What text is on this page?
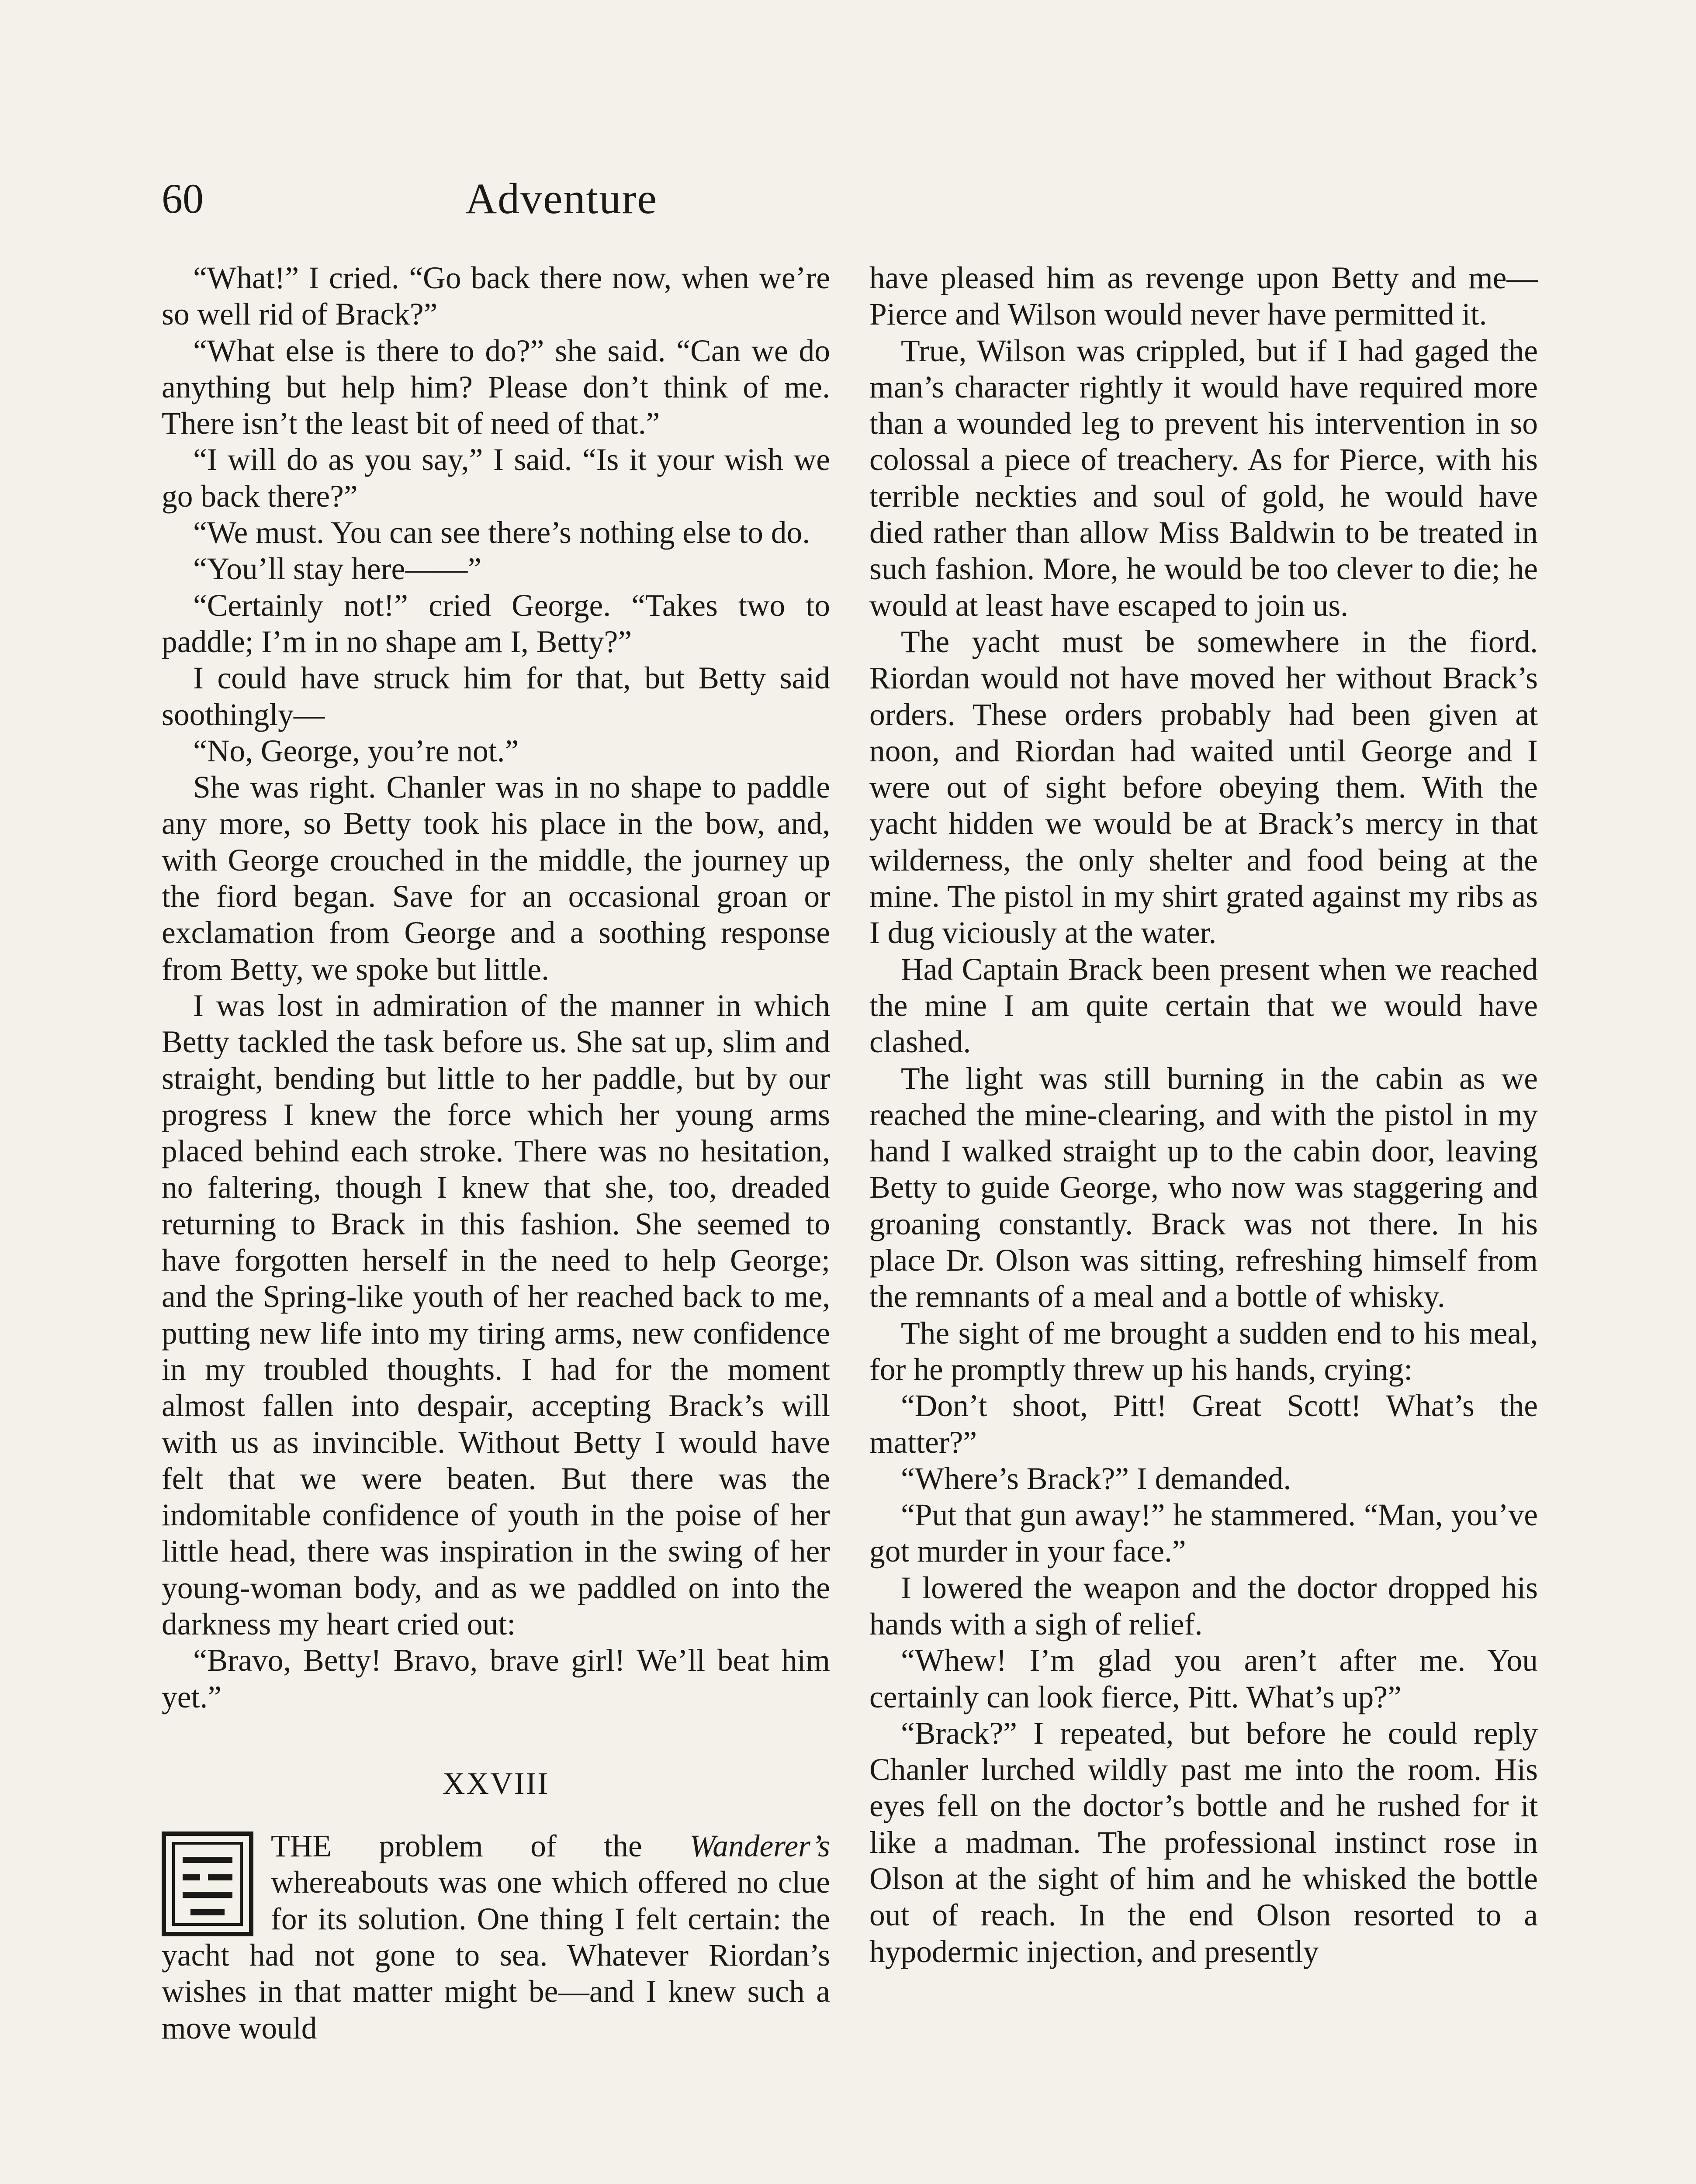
60	Adventure

“What!” I cried. “Go back there now, when we’re so well rid of Brack?”

“What else is there to do?” she said. “Can we do anything but help him? Please don’t think of me. There isn’t the least bit of need of that.”

“I will do as you say,” I said. “Is it your wish we go back there?”

“We must. You can see there’s nothing else to do.

“You’ll stay here——”

“Certainly not!” cried George. “Takes two to paddle; I’m in no shape am I, Betty?”

I could have struck him for that, but Betty said soothingly—

“No, George, you’re not.”

She was right. Chanler was in no shape to paddle any more, so Betty took his place in the bow, and, with George crouched in the middle, the journey up the fiord began. Save for an occasional groan or exclamation from George and a soothing response from Betty, we spoke but little.

I was lost in admiration of the manner in which Betty tackled the task before us. She sat up, slim and straight, bending but little to her paddle, but by our progress I knew the force which her young arms placed behind each stroke. There was no hesitation, no faltering, though I knew that she, too, dreaded returning to Brack in this fashion. She seemed to have forgotten herself in the need to help George; and the Spring-like youth of her reached back to me, putting new life into my tiring arms, new confidence in my troubled thoughts. I had for the moment almost fallen into despair, accepting Brack’s will with us as invincible. Without Betty I would have felt that we were beaten. But there was the indomitable confidence of youth in the poise of her little head, there was inspiration in the swing of her young-woman body, and as we paddled on into the darkness my heart cried out:

“Bravo, Betty! Bravo, brave girl! We’ll beat him yet.”

XXVIII

THE problem of the Wanderer’s whereabouts was one which offered no clue for its solution. One thing I felt certain: the yacht had not gone to sea. Whatever Riordan’s wishes in that matter might be—and I knew such a move would

have pleased him as revenge upon Betty and me—Pierce and Wilson would never have permitted it.

True, Wilson was crippled, but if I had gaged the man’s character rightly it would have required more than a wounded leg to prevent his intervention in so colossal a piece of treachery. As for Pierce, with his terrible neckties and soul of gold, he would have died rather than allow Miss Baldwin to be treated in such fashion. More, he would be too clever to die; he would at least have escaped to join us.

The yacht must be somewhere in the fiord. Riordan would not have moved her without Brack’s orders. These orders probably had been given at noon, and Riordan had waited until George and I were out of sight before obeying them. With the yacht hidden we would be at Brack’s mercy in that wilderness, the only shelter and food being at the mine. The pistol in my shirt grated against my ribs as I dug viciously at the water.

Had Captain Brack been present when we reached the mine I am quite certain that we would have clashed.

The light was still burning in the cabin as we reached the mine-clearing, and with the pistol in my hand I walked straight up to the cabin door, leaving Betty to guide George, who now was staggering and groaning constantly. Brack was not there. In his place Dr. Olson was sitting, refreshing himself from the remnants of a meal and a bottle of whisky.

The sight of me brought a sudden end to his meal, for he promptly threw up his hands, crying:

“Don’t shoot, Pitt! Great Scott! What’s the matter?”

“Where’s Brack?” I demanded.

“Put that gun away!” he stammered. “Man, you’ve got murder in your face.”

I lowered the weapon and the doctor dropped his hands with a sigh of relief.

“Whew! I’m glad you aren’t after me. You certainly can look fierce, Pitt. What’s up?”

“Brack?” I repeated, but before he could reply Chanler lurched wildly past me into the room. His eyes fell on the doctor’s bottle and he rushed for it like a madman. The professional instinct rose in Olson at the sight of him and he whisked the bottle out of reach. In the end Olson resorted to a hypodermic injection, and presently
